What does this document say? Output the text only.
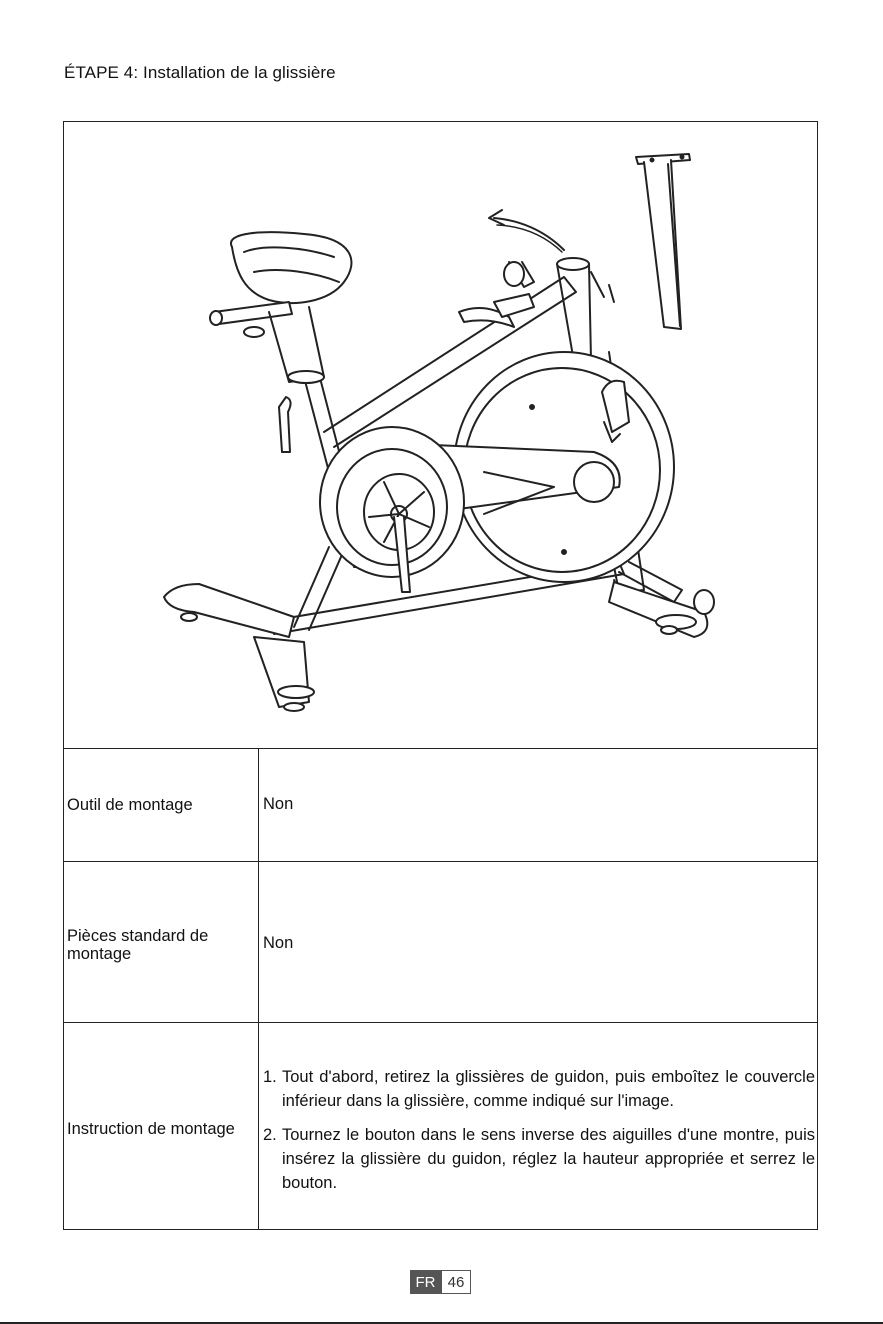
ÉTAPE 4: Installation de la glissière
Outil de montage	Non
Pièces standard de montage
Non
Instruction de montage
1. Tout d'abord, retirez la glissières de guidon, puis emboîtez le couvercle inférieur dans la glissière, comme indiqué sur l'image.
2. Tournez le bouton dans le sens inverse des aiguilles d'une montre, puis insérez la glissière du guidon, réglez la hauteur appropriée et serrez le bouton.
FR 46
